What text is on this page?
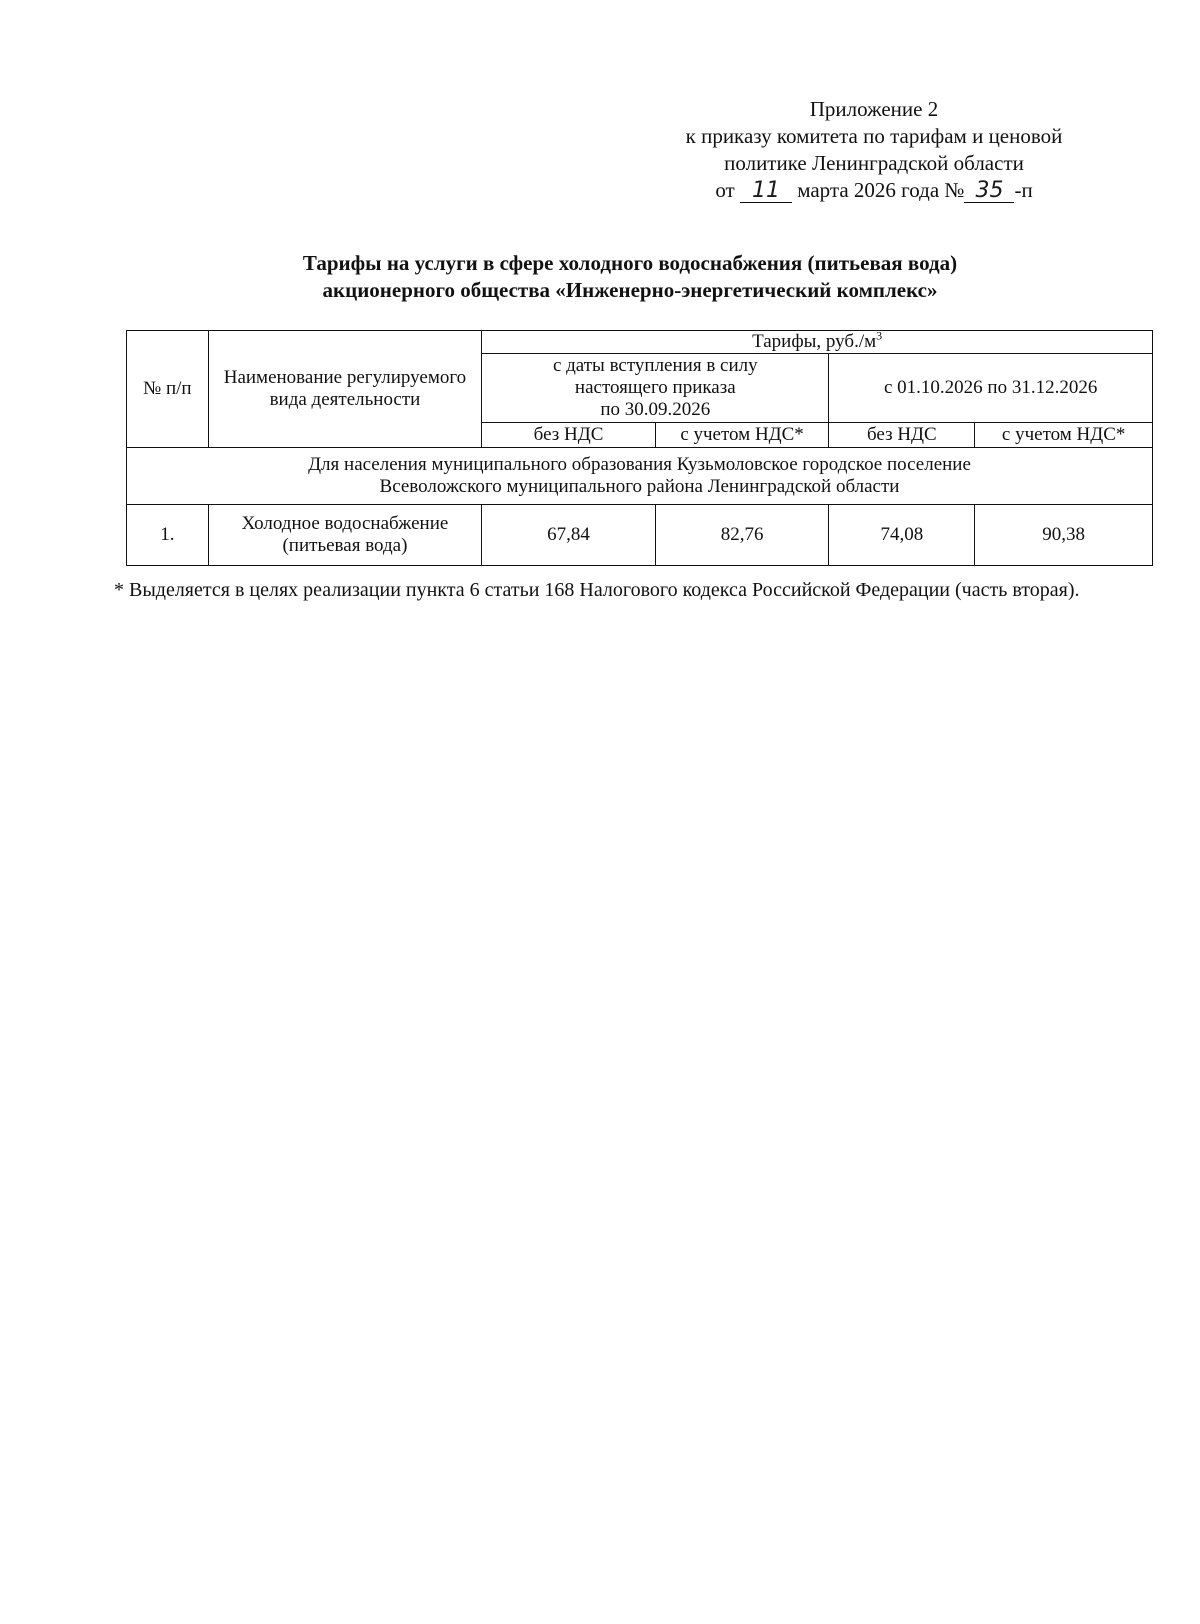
Приложение 2
к приказу комитета по тарифам и ценовой
политике Ленинградской области
от 11 марта 2026 года № 35 -п
Тарифы на услуги в сфере холодного водоснабжения (питьевая вода)
акционерного общества «Инженерно-энергетический комплекс»
№ п/п	Наименование регулируемого вида деятельности	Тарифы, $руб./м^3$
		с даты вступления в силу
настоящего приказа
по 30.09.2026		с 01.10.2026 по 31.12.2026	
		без НДС	с учетом НДС*	без НДС	с учетом НДС*
Для населения муниципального образования Кузьмоловское городское поселение
Всеволожского муниципального района Ленинградской области					
1.	Холодное водоснабжение (питьевая вода)	67,84	82,76	74,08	90,38
* Выделяется в целях реализации пункта 6 статьи 168 Налогового кодекса Российской Федерации (часть вторая).
